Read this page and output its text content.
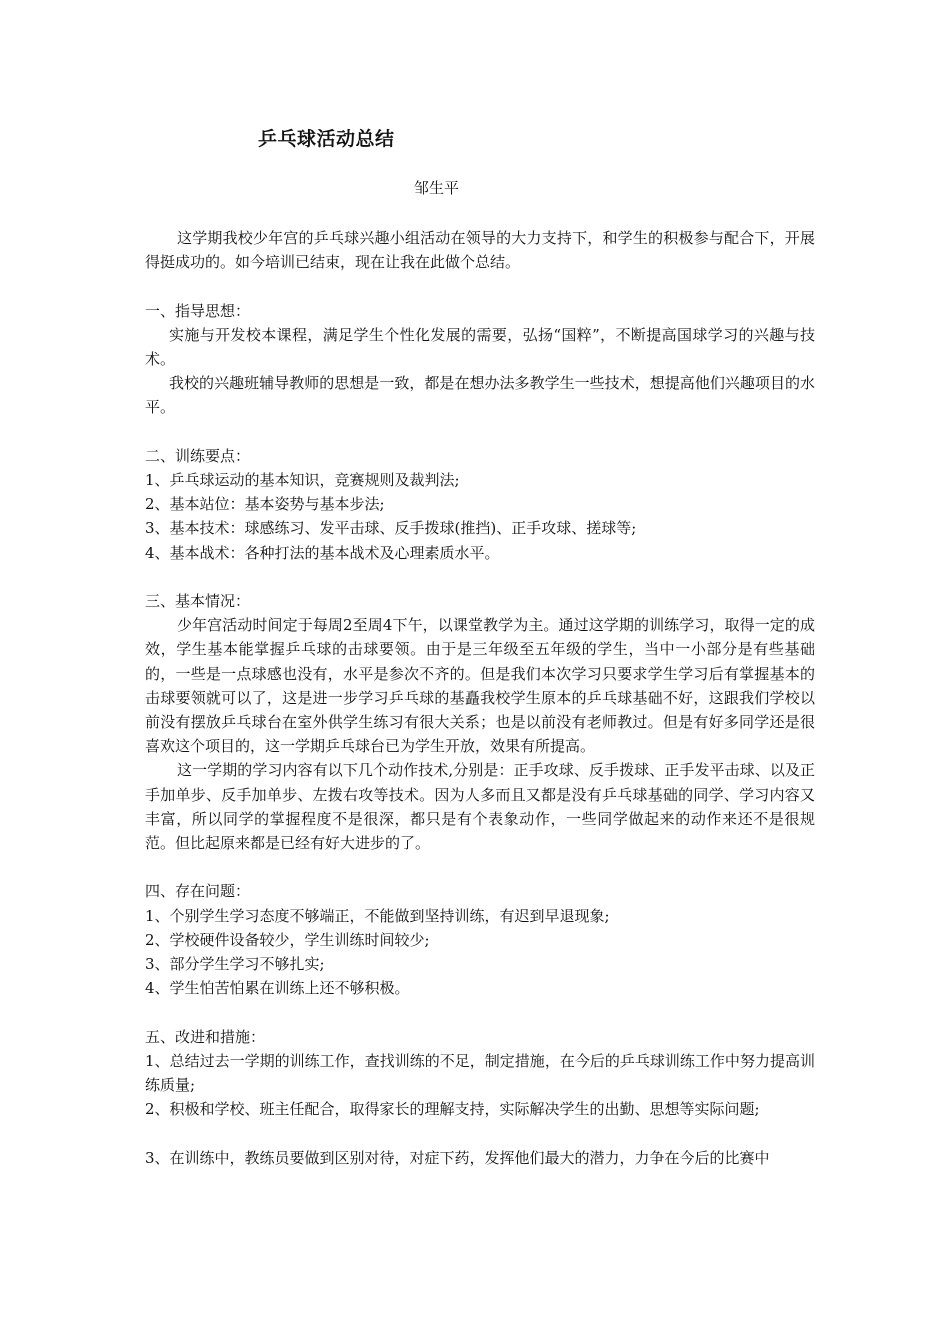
乒乓球活动总结
邹生平

这学期我校少年宫的乒乓球兴趣小组活动在领导的大力支持下，和学生的积极参与配合下，开展得挺成功的。如今培训已结束，现在让我在此做个总结。

一、指导思想：

实施与开发校本课程，满足学生个性化发展的需要，弘扬“国粹”，不断提高国球学习的兴趣与技术。

我校的兴趣班辅导教师的思想是一致，都是在想办法多教学生一些技术，想提高他们兴趣项目的水平。

二、训练要点：

1、乒乓球运动的基本知识，竞赛规则及裁判法;

2、基本站位：基本姿势与基本步法;

3、基本技术：球感练习、发平击球、反手拨球(推挡)、正手攻球、搓球等;

4、基本战术：各种打法的基本战术及心理素质水平。

三、基本情况：

少年宫活动时间定于每周2至周4下午，以课堂教学为主。通过这学期的训练学习，取得一定的成效，学生基本能掌握乒乓球的击球要领。由于是三年级至五年级的学生，当中一小部分是有些基础的，一些是一点球感也没有，水平是参次不齐的。但是我们本次学习只要求学生学习后有掌握基本的击球要领就可以了，这是进一步学习乒乓球的基矗我校学生原本的乒乓球基础不好，这跟我们学校以前没有摆放乒乓球台在室外供学生练习有很大关系；也是以前没有老师教过。但是有好多同学还是很喜欢这个项目的，这一学期乒乓球台已为学生开放，效果有所提高。

这一学期的学习内容有以下几个动作技术,分别是：正手攻球、反手拨球、正手发平击球、以及正手加单步、反手加单步、左拨右攻等技术。因为人多而且又都是没有乒乓球基础的同学、学习内容又丰富，所以同学的掌握程度不是很深，都只是有个表象动作，一些同学做起来的动作来还不是很规范。但比起原来都是已经有好大进步的了。

四、存在问题：

1、个别学生学习态度不够端正，不能做到坚持训练，有迟到早退现象;

2、学校硬件设备较少，学生训练时间较少;

3、部分学生学习不够扎实;

4、学生怕苦怕累在训练上还不够积极。

五、改进和措施：

1、总结过去一学期的训练工作，查找训练的不足，制定措施，在今后的乒乓球训练工作中努力提高训练质量;

2、积极和学校、班主任配合，取得家长的理解支持，实际解决学生的出勤、思想等实际问题;

3、在训练中，教练员要做到区别对待，对症下药，发挥他们最大的潜力，力争在今后的比赛中
